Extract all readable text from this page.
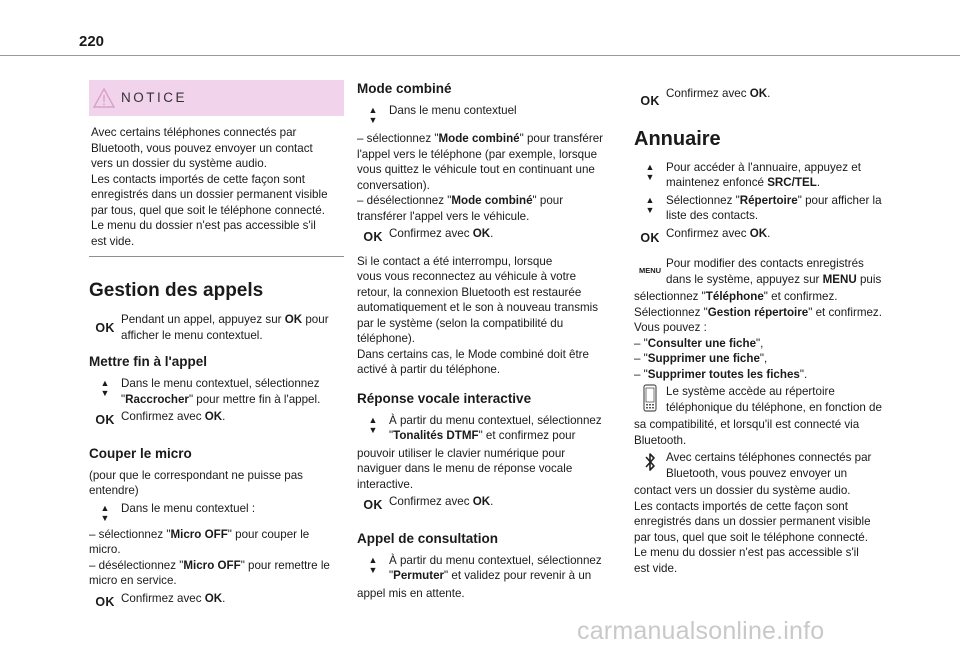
220
NOTICE

Avec certains téléphones connectés par

Bluetooth, vous pouvez envoyer un contact

vers un dossier du système audio.

Les contacts importés de cette façon sont

enregistrés dans un dossier permanent visible

par tous, quel que soit le téléphone connecté.

Le menu du dossier n'est pas accessible s'il

est vide.

Gestion des appels
OK

Pendant un appel, appuyez sur OK pour

afficher le menu contextuel.

Mettre fin à l'appel
▲
▼

Dans le menu contextuel, sélectionnez

"Raccrocher" pour mettre fin à l'appel.

OK Confirmez avec OK.

Couper le micro

(pour que le correspondant ne puisse pas

entendre)

▲
▼

Dans le menu contextuel :

– sélectionnez "Micro OFF" pour couper le

micro.

– désélectionnez "Micro OFF" pour remettre le

micro en service.

OK Confirmez avec OK.

Mode combiné
▲
▼

Dans le menu contextuel

– sélectionnez "Mode combiné" pour transférer

l'appel vers le téléphone (par exemple, lorsque

vous quittez le véhicule tout en continuant une

conversation).

– désélectionnez "Mode combiné" pour

transférer l'appel vers le véhicule.

OK Confirmez avec OK.

Si le contact a été interrompu, lorsque

vous vous reconnectez au véhicule à votre

retour, la connexion Bluetooth est restaurée

automatiquement et le son à nouveau transmis

par le système (selon la compatibilité du

téléphone).

Dans certains cas, le Mode combiné doit être

activé à partir du téléphone.

Réponse vocale interactive
▲
▼

À partir du menu contextuel, sélectionnez

"Tonalités DTMF" et confirmez pour

pouvoir utiliser le clavier numérique pour

naviguer dans le menu de réponse vocale

interactive.

OK Confirmez avec OK.

Appel de consultation
▲
▼

À partir du menu contextuel, sélectionnez

"Permuter" et validez pour revenir à un

appel mis en attente.

OK

Confirmez avec OK.

Annuaire
▲
▼

Pour accéder à l'annuaire, appuyez et

maintenez enfoncé SRC/TEL.

▲
▼

Sélectionnez "Répertoire" pour afficher la

liste des contacts.

OK Confirmez avec OK.

MENU

Pour modifier des contacts enregistrés

dans le système, appuyez sur MENU puis

sélectionnez "Téléphone" et confirmez.

Sélectionnez "Gestion répertoire" et confirmez.

Vous pouvez :

– "Consulter une fiche",

– "Supprimer une fiche",

– "Supprimer toutes les fiches".

Le système accède au répertoire

téléphonique du téléphone, en fonction de

sa compatibilité, et lorsqu'il est connecté via

Bluetooth.

Avec certains téléphones connectés par

Bluetooth, vous pouvez envoyer un

contact vers un dossier du système audio.

Les contacts importés de cette façon sont

enregistrés dans un dossier permanent visible

par tous, quel que soit le téléphone connecté.

Le menu du dossier n'est pas accessible s'il

est vide.

carmanualsonline.info
